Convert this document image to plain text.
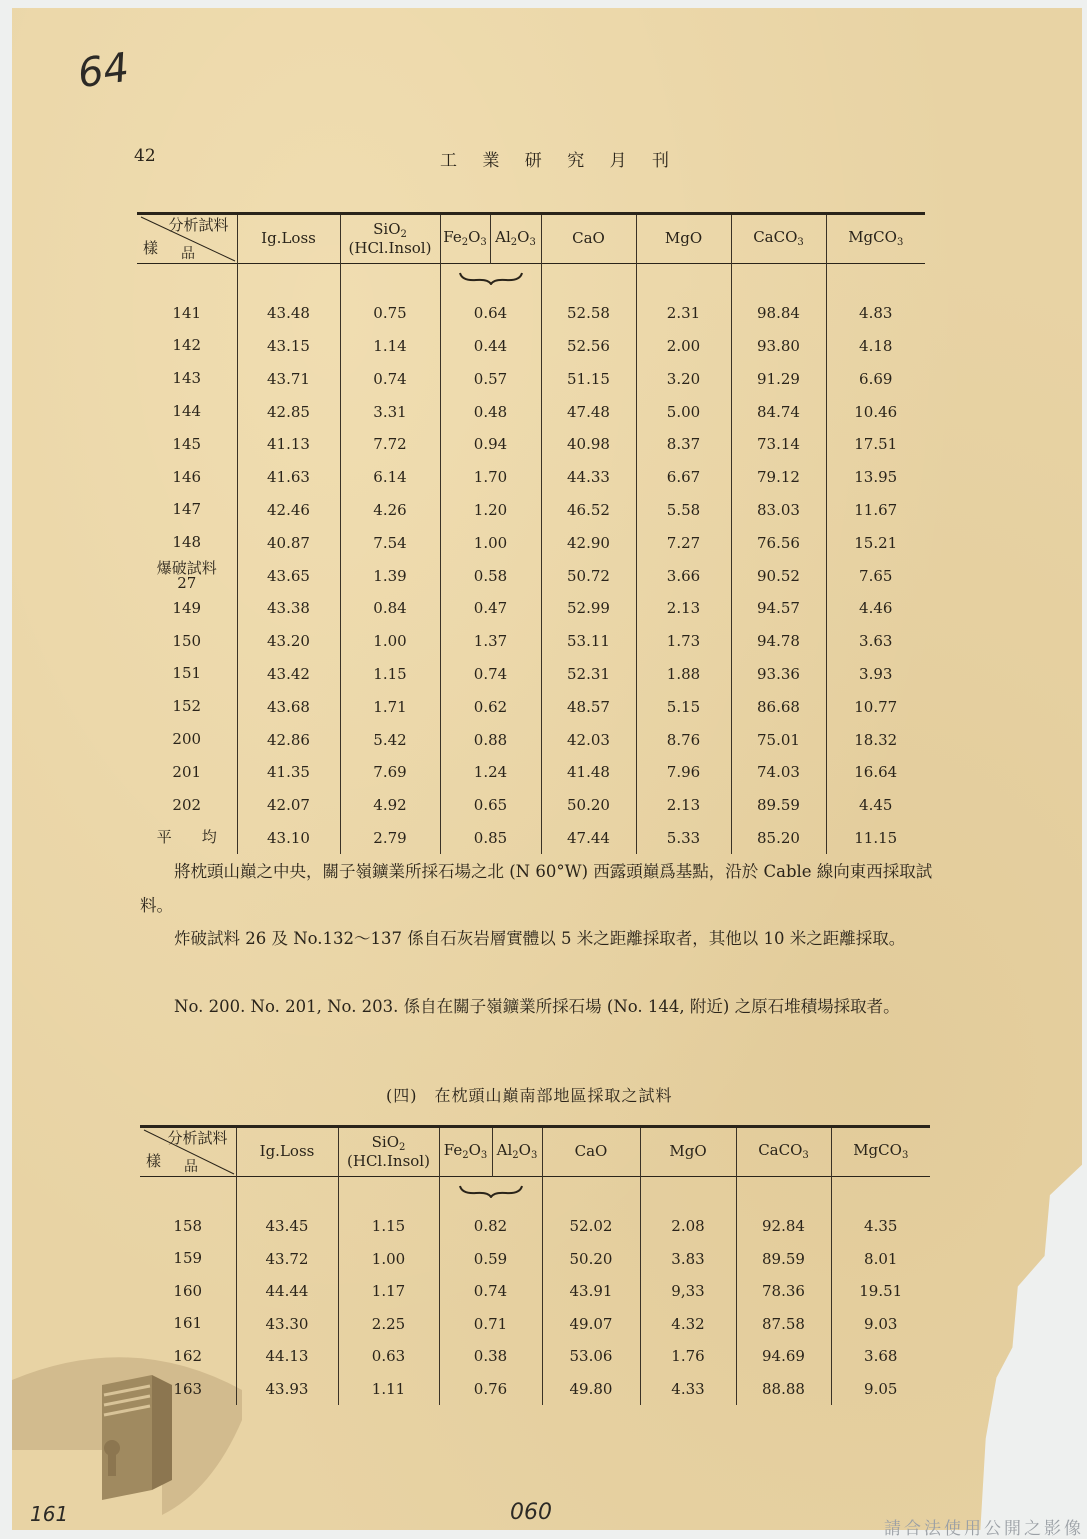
64
42	工 業 研 究 月 刊
分析試料
樣 品	Ig.Loss	SiO$_2$
(HCl.Insol)	$Fe_2O_3$	$Al_2O_3$	CaO	MgO	CaCO$_3$	MgCO$_3$

141	43.48	0.75	0.64		52.58	2.31	98.84	4.83
142	43.15	1.14	0.44		52.56	2.00	93.80	4.18
143	43.71	0.74	0.57		51.15	3.20	91.29	6.69
144	42.85	3.31	0.48		47.48	5.00	84.74	10.46
145	41.13	7.72	0.94		40.98	8.37	73.14	17.51
146	41.63	6.14	1.70		44.33	6.67	79.12	13.95
147	42.46	4.26	1.20		46.52	5.58	83.03	11.67
148	40.87	7.54	1.00		42.90	7.27	76.56	15.21

爆破試料
27	43.65	1.39	0.58		50.72	3.66	90.52	7.65
149	43.38	0.84	0.47		52.99	2.13	94.57	4.46
150	43.20	1.00	1.37		53.11	1.73	94.78	3.63
151	43.42	1.15	0.74		52.31	1.88	93.36	3.93
152	43.68	1.71	0.62		48.57	5.15	86.68	10.77
200	42.86	5.42	0.88		42.03	8.76	75.01	18.32
201	41.35	7.69	1.24		41.48	7.96	74.03	16.64
202	42.07	4.92	0.65		50.20	2.13	89.59	4.45
平　　均	43.10	2.79	0.85		47.44	5.33	85.20	11.15
將枕頭山巔之中央，關子嶺鑛業所採石場之北 (N 60°W) 西露頭巔爲基點，沿於 Cable 線向東西採取試料。
炸破試料 26 及 No.132～137 係自石灰岩層實體以 5 米之距離採取者，其他以 10 米之距離採取。
No. 200. No. 201, No. 203. 係自在關子嶺鑛業所採石場 (No. 144, 附近) 之原石堆積場採取者。
(四)　在枕頭山巔南部地區採取之試料
分析試料
樣 品	Ig.Loss	SiO$_2$
(HCl.Insol)	$Fe_2O_3$	$Al_2O_3$	CaO	MgO	CaCO$_3$	MgCO$_3$

158	43.45	1.15	0.82		52.02	2.08	92.84	4.35
159	43.72	1.00	0.59		50.20	3.83	89.59	8.01
160	44.44	1.17	0.74		43.91	9,33	78.36	19.51
161	43.30	2.25	0.71		49.07	4.32	87.58	9.03
162	44.13	0.63	0.38		53.06	1.76	94.69	3.68
163	43.93	1.11	0.76		49.80	4.33	88.88	9.05
161	060
請合法使用公開之影像
